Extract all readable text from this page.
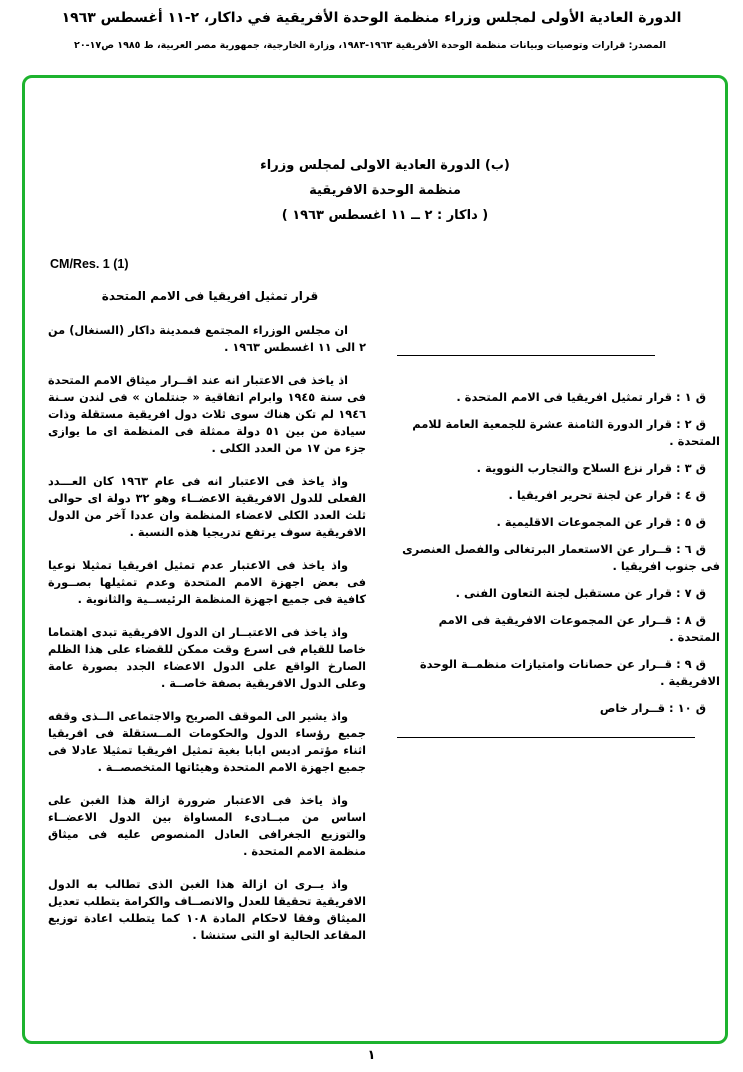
الدورة العادية الأولى لمجلس وزراء منظمة الوحدة الأفريقية في داكار، ٢-١١ أغسطس ١٩٦٣
المصدر: قرارات وتوصيات وبيانات منظمة الوحدة الأفريقية ١٩٦٣-١٩٨٣، وزارة الخارجية، جمهورية مصر العربية، ط ١٩٨٥ ص١٧-٢٠
(ب) الدورة العادية الاولى لمجلس وزراء
منظمة الوحدة الافريقية
( داكار : ٢ ــ ١١ اغسطس ١٩٦٣ )
CM/Res. 1 (1)
قرار تمثيل افريقيا فى الامم المتحدة

ان مجلس الوزراء المجتمع فىمدينة داكار (السنغال) من ٢ الى ١١ اغسطس ١٩٦٣ .

اذ ياخذ فى الاعتبار انه عند اقــرار ميثاق الامم المتحدة فى سنة ١٩٤٥ وابرام اتفاقية « جنتلمان » فى لندن سـنة ١٩٤٦ لم تكن هناك سوى ثلاث دول افريقية مستقلة وذات سيادة من بين ٥١ دولة ممثلة فى المنظمة اى ما يوازى جزء من ١٧ من العدد الكلى .

واذ ياخذ فى الاعتبار انه فى عام ١٩٦٣ كان العـــدد الفعلى للدول الافريقية الاعضــاء وهو ٣٢ دولة اى حوالى ثلث العدد الكلى لاعضاء المنظمة وان عددا آخر من الدول الافريقية سوف يرتفع تدريجيا هذه النسبة .

واذ ياخذ فى الاعتبار عدم تمثيل افريقيا تمثيلا نوعيا فى بعض اجهزة الامم المتحدة وعدم تمثيلها بصــورة كافية فى جميع اجهزة المنظمة الرئيســية والثانوية .

واذ ياخذ فى الاعتبــار ان الدول الافريقية تبدى اهتماما خاصا للقيام فى اسرع وقت ممكن للقضاء على هذا الظلم الصارخ الواقع على الدول الاعضاء الجدد بصورة عامة وعلى الدول الافريقية بصفة خاصــة .

واذ يشير الى الموقف الصريح والاجتماعى الــذى وقفه جميع رؤساء الدول والحكومات المــستقلة فى افريقيا اثناء مؤتمر اديس ابابا بغية تمثيل افريقيا تمثيلا عادلا فى جميع اجهزة الامم المتحدة وهيئاتها المتخصصــة .

واذ ياخذ فى الاعتبار ضرورة ازالة هذا الغبن على اساس من مبــادىء المساواة بين الدول الاعضــاء والتوزيع الجغرافى العادل المنصوص عليه فى ميثاق منظمة الامم المتحدة .

واذ يــرى ان ازالة هذا الغبن الذى تطالب به الدول الافريقية تحقيقا للعدل والانصــاف والكرامة يتطلب تعديل الميثاق وفقا لاحكام المادة ١٠٨ كما يتطلب اعادة توزيع المقاعد الحالية او التى ستنشا .

ق ١ : قرار تمثيل افريقيا فى الامم المتحدة .
ق ٢ : قرار الدورة الثامنة عشرة للجمعية العامة للامم المتحدة .
ق ٣ : قرار نزع السلاح والتجارب النووية .
ق ٤ : قرار عن لجنة تحرير افريقيا .
ق ٥ : قرار عن المجموعات الاقليمية .
ق ٦ : قــرار عن الاستعمار البرتغالى والفصل العنصرى فى جنوب افريقيا .
ق ٧ : قرار عن مستقبل لجنة التعاون الفنى .
ق ٨ : قــرار عن المجموعات الافريقية فى الامم المتحدة .
ق ٩ : قــرار عن حصانات وامتيازات منظمــة الوحدة الافريقية .
ق ١٠ : قــرار خاص
١
